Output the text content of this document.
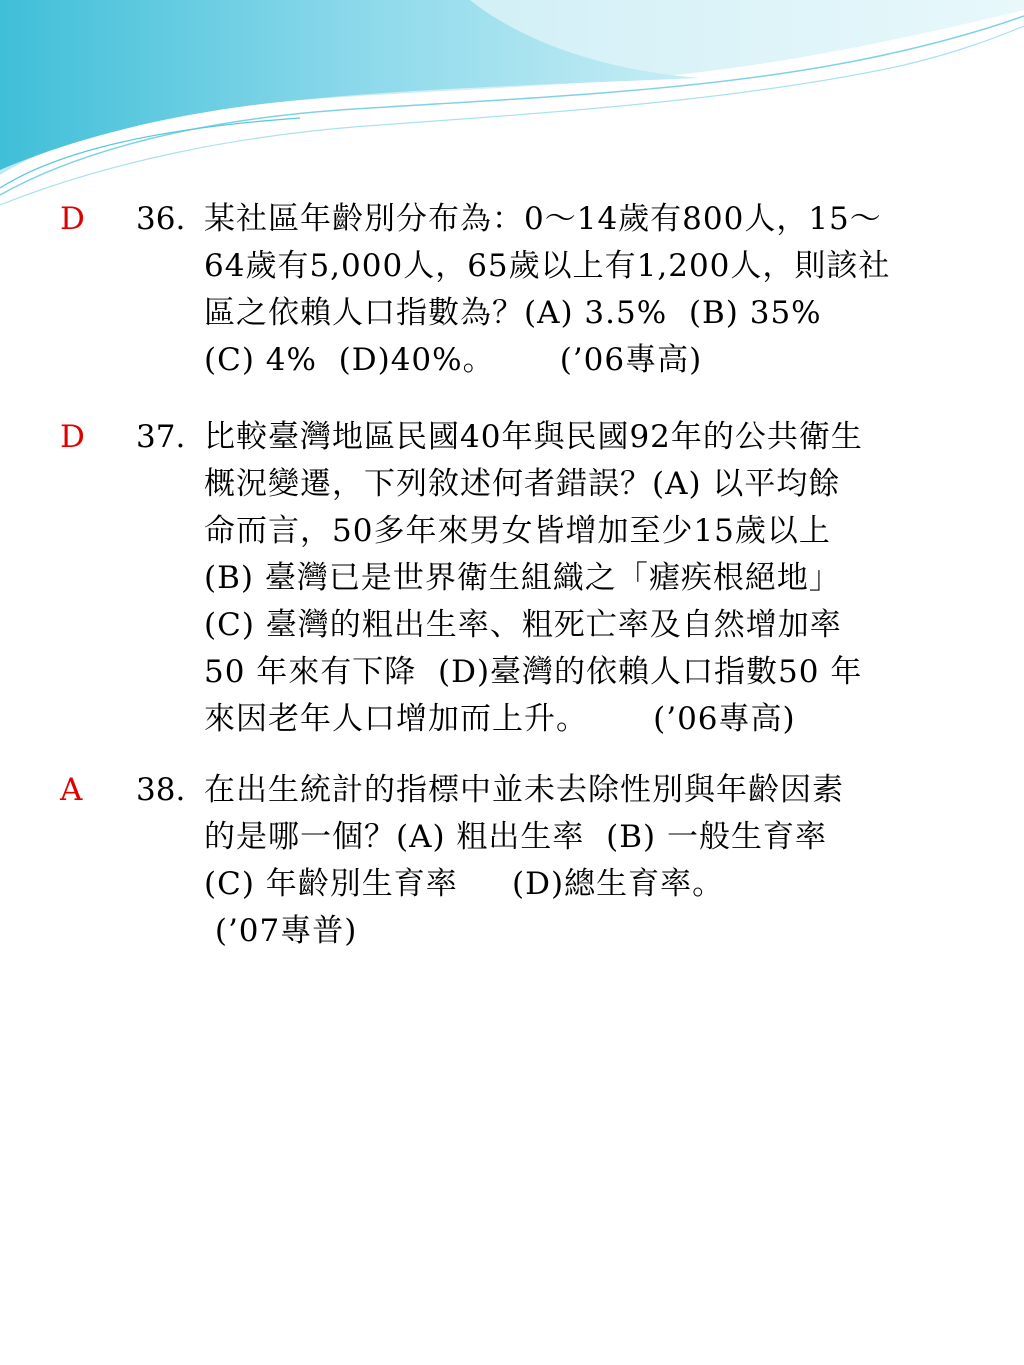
D 36. 某社區年齡別分布為：0～14歲有800人，15～
64歲有5,000人，65歲以上有1,200人，則該社
區之依賴人口指數為？(A) 3.5%  (B) 35%
(C) 4%  (D)40%。      (’06專高)
D 37. 比較臺灣地區民國40年與民國92年的公共衛生
概況變遷，下列敘述何者錯誤？(A) 以平均餘
命而言，50多年來男女皆增加至少15歲以上
(B) 臺灣已是世界衛生組織之「瘧疾根絕地」
(C) 臺灣的粗出生率、粗死亡率及自然增加率
50 年來有下降  (D)臺灣的依賴人口指數50 年
來因老年人口增加而上升。      (’06專高)
A 38. 在出生統計的指標中並未去除性別與年齡因素
的是哪一個？(A) 粗出生率  (B) 一般生育率
(C) 年齡別生育率     (D)總生育率。
(’07專普)
